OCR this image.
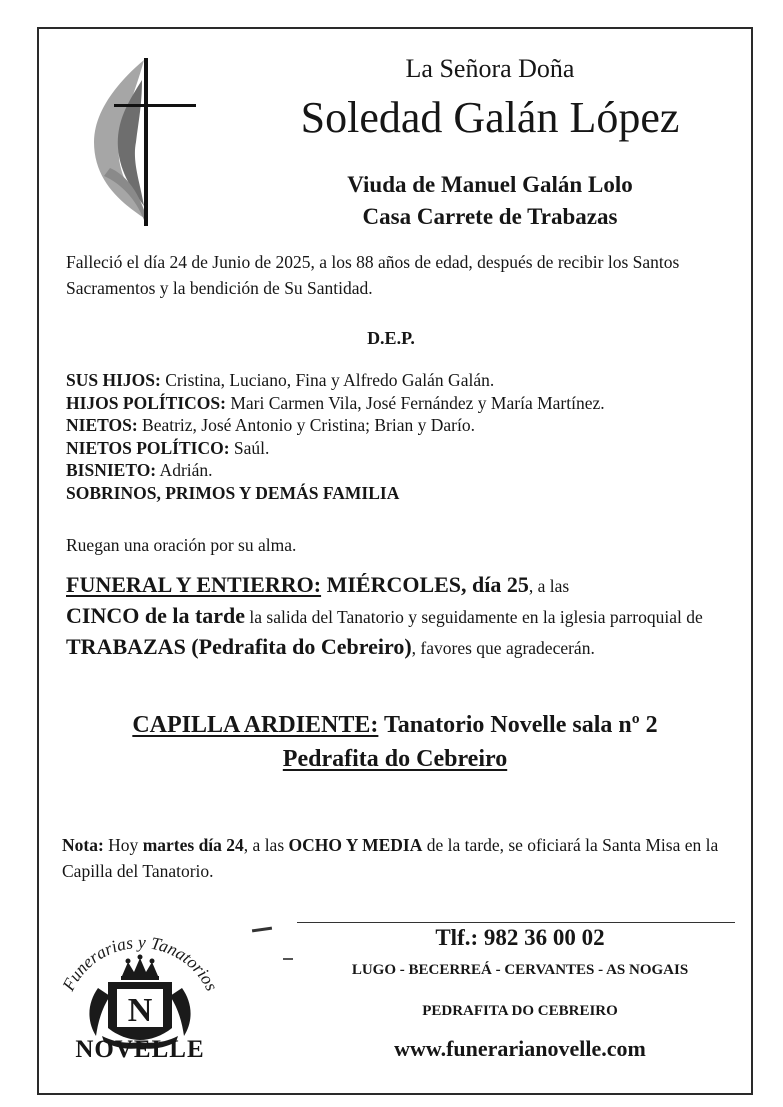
La Señora Doña
Soledad Galán López
Viuda de Manuel Galán Lolo
Casa Carrete de Trabazas
Falleció el día 24 de Junio de 2025, a los 88 años de edad, después de recibir los Santos Sacramentos y la bendición de Su Santidad.
D.E.P.
SUS HIJOS: Cristina, Luciano, Fina y Alfredo Galán Galán.
HIJOS POLÍTICOS: Mari Carmen Vila, José Fernández y María Martínez.
NIETOS: Beatriz, José Antonio y Cristina; Brian y Darío.
NIETOS POLÍTICO: Saúl.
BISNIETO: Adrián.
SOBRINOS, PRIMOS Y DEMÁS FAMILIA
Ruegan una oración por su alma.
FUNERAL Y ENTIERRO: MIÉRCOLES, día 25, a las
CINCO de la tarde la salida del Tanatorio y seguidamente en la iglesia parroquial de TRABAZAS (Pedrafita do Cebreiro), favores que agradecerán.
CAPILLA ARDIENTE: Tanatorio Novelle sala nº 2
Pedrafita do Cebreiro
Nota: Hoy martes día 24, a las OCHO Y MEDIA de la tarde, se oficiará la Santa Misa en la Capilla del Tanatorio.
Funerarias y Tanatorios
N
NOVELLE
Tlf.: 982 36 00 02
LUGO - BECERREÁ - CERVANTES - AS NOGAIS
PEDRAFITA DO CEBREIRO
www.funerarianovelle.com
